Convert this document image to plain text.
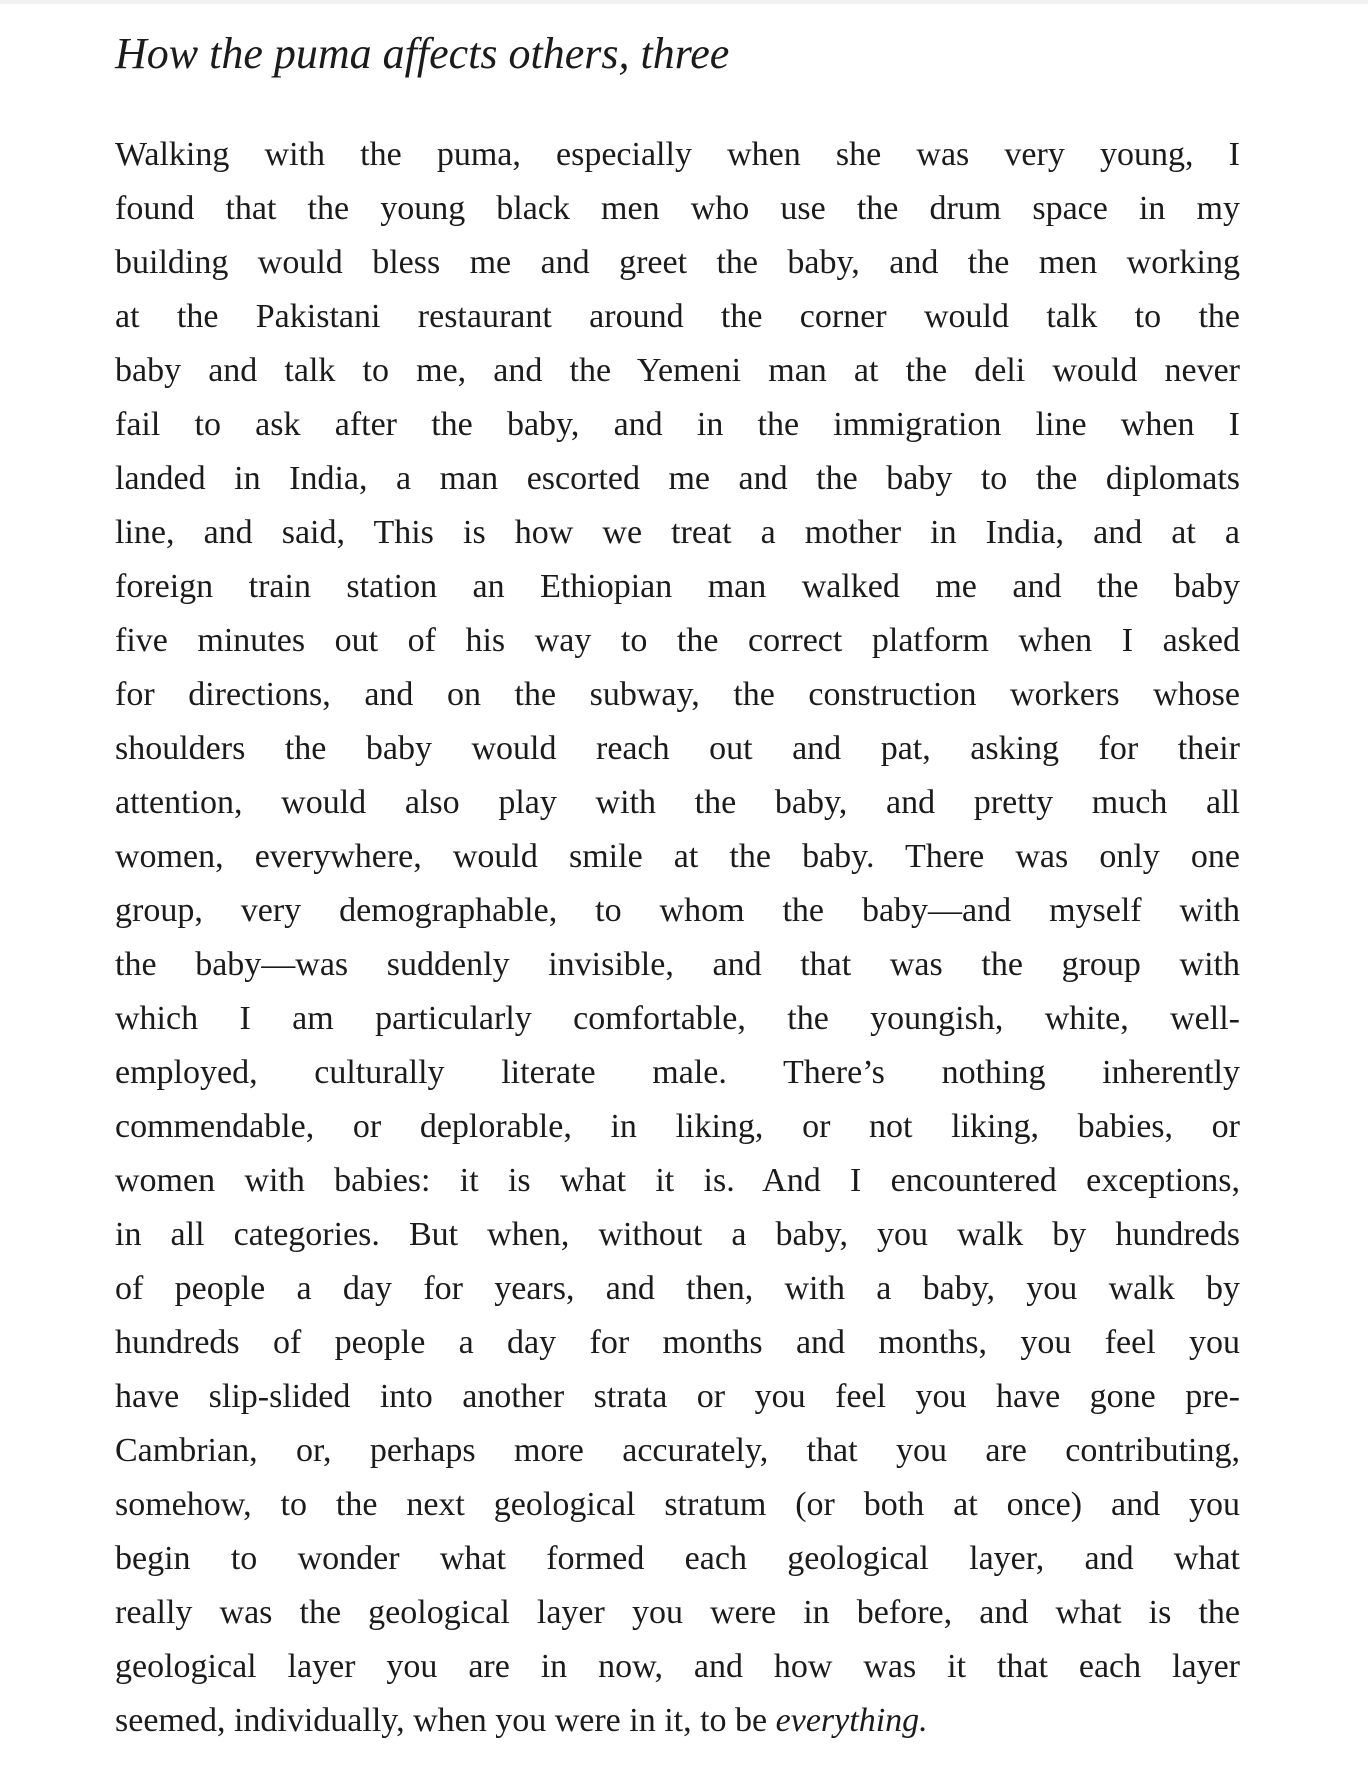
How the puma affects others, three
Walking with the puma, especially when she was very young, I
found that the young black men who use the drum space in my
building would bless me and greet the baby, and the men working
at the Pakistani restaurant around the corner would talk to the
baby and talk to me, and the Yemeni man at the deli would never
fail to ask after the baby, and in the immigration line when I
landed in India, a man escorted me and the baby to the diplomats
line, and said, This is how we treat a mother in India, and at a
foreign train station an Ethiopian man walked me and the baby
five minutes out of his way to the correct platform when I asked
for directions, and on the subway, the construction workers whose
shoulders the baby would reach out and pat, asking for their
attention, would also play with the baby, and pretty much all
women, everywhere, would smile at the baby. There was only one
group, very demographable, to whom the baby—and myself with
the baby—was suddenly invisible, and that was the group with
which I am particularly comfortable, the youngish, white, well-
employed, culturally literate male. There’s nothing inherently
commendable, or deplorable, in liking, or not liking, babies, or
women with babies: it is what it is. And I encountered exceptions,
in all categories. But when, without a baby, you walk by hundreds
of people a day for years, and then, with a baby, you walk by
hundreds of people a day for months and months, you feel you
have slip-slided into another strata or you feel you have gone pre-
Cambrian, or, perhaps more accurately, that you are contributing,
somehow, to the next geological stratum (or both at once) and you
begin to wonder what formed each geological layer, and what
really was the geological layer you were in before, and what is the
geological layer you are in now, and how was it that each layer
seemed, individually, when you were in it, to be everything.
